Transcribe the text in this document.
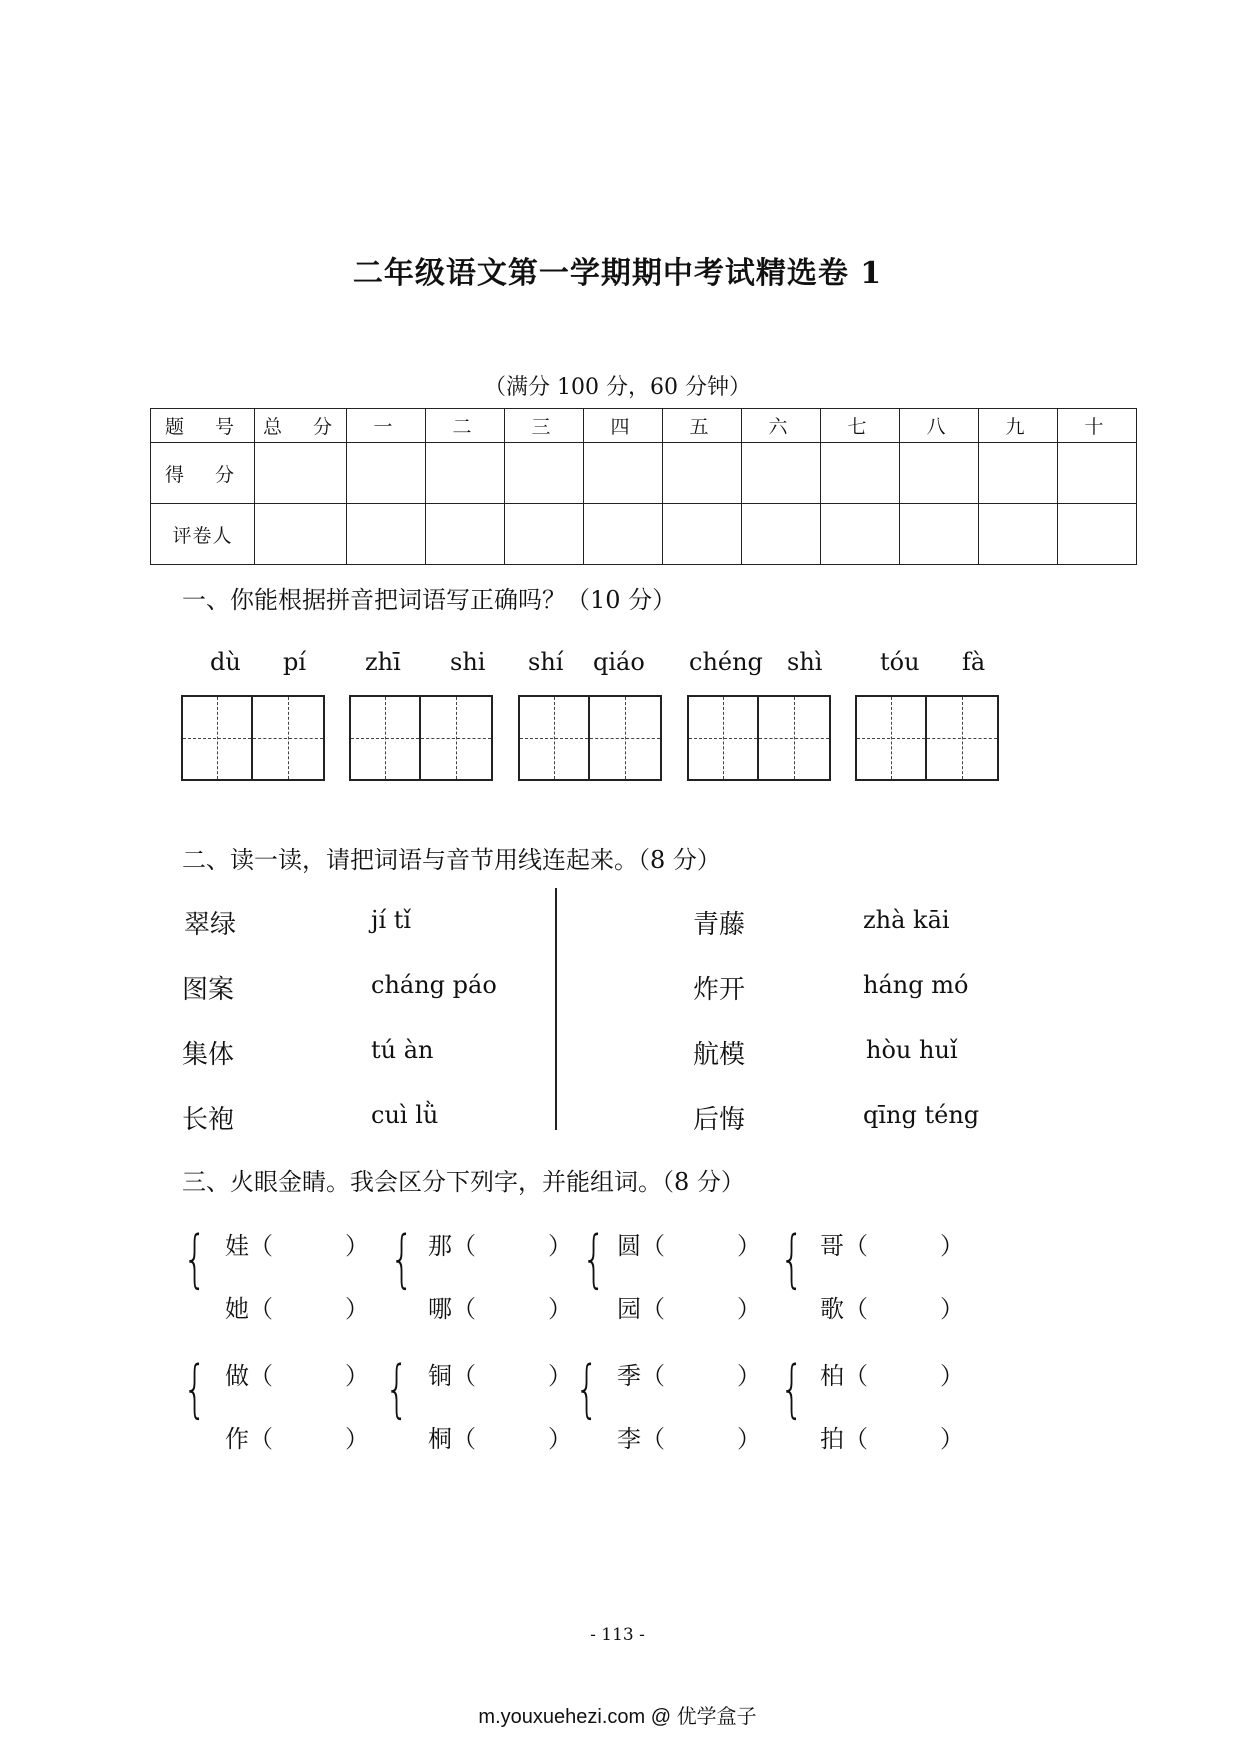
二年级语文第一学期期中考试精选卷 1
（满分 100 分，60 分钟）
题　号	总　分	一	二	三	四	五	六	七	八	九	十
得　分											
评卷人											
一、你能根据拼音把词语写正确吗？（10 分）
dù pí zhī shi shí qiáo chéng shì tóu fà
二、读一读，请把词语与音节用线连起来。（8 分）
翠绿
图案
集体
长袍
jí tǐ
cháng páo
tú àn
cuì lǜ
青藤
炸开
航模
后悔
zhà kāi
háng mó
hòu huǐ
qīng téng
三、火眼金睛。我会区分下列字，并能组词。（8 分）
{ 娃（　　　）
她（　　　）
{ 那（　　　）
哪（　　　）
{ 圆（　　　）
园（　　　）
{ 哥（　　　）
歌（　　　）
{ 做（　　　）
作（　　　）
{ 铜（　　　）
桐（　　　）
{ 季（　　　）
李（　　　）
{ 柏（　　　）
拍（　　　）
- 113 -
m.youxuehezi.com @ 优学盒子
